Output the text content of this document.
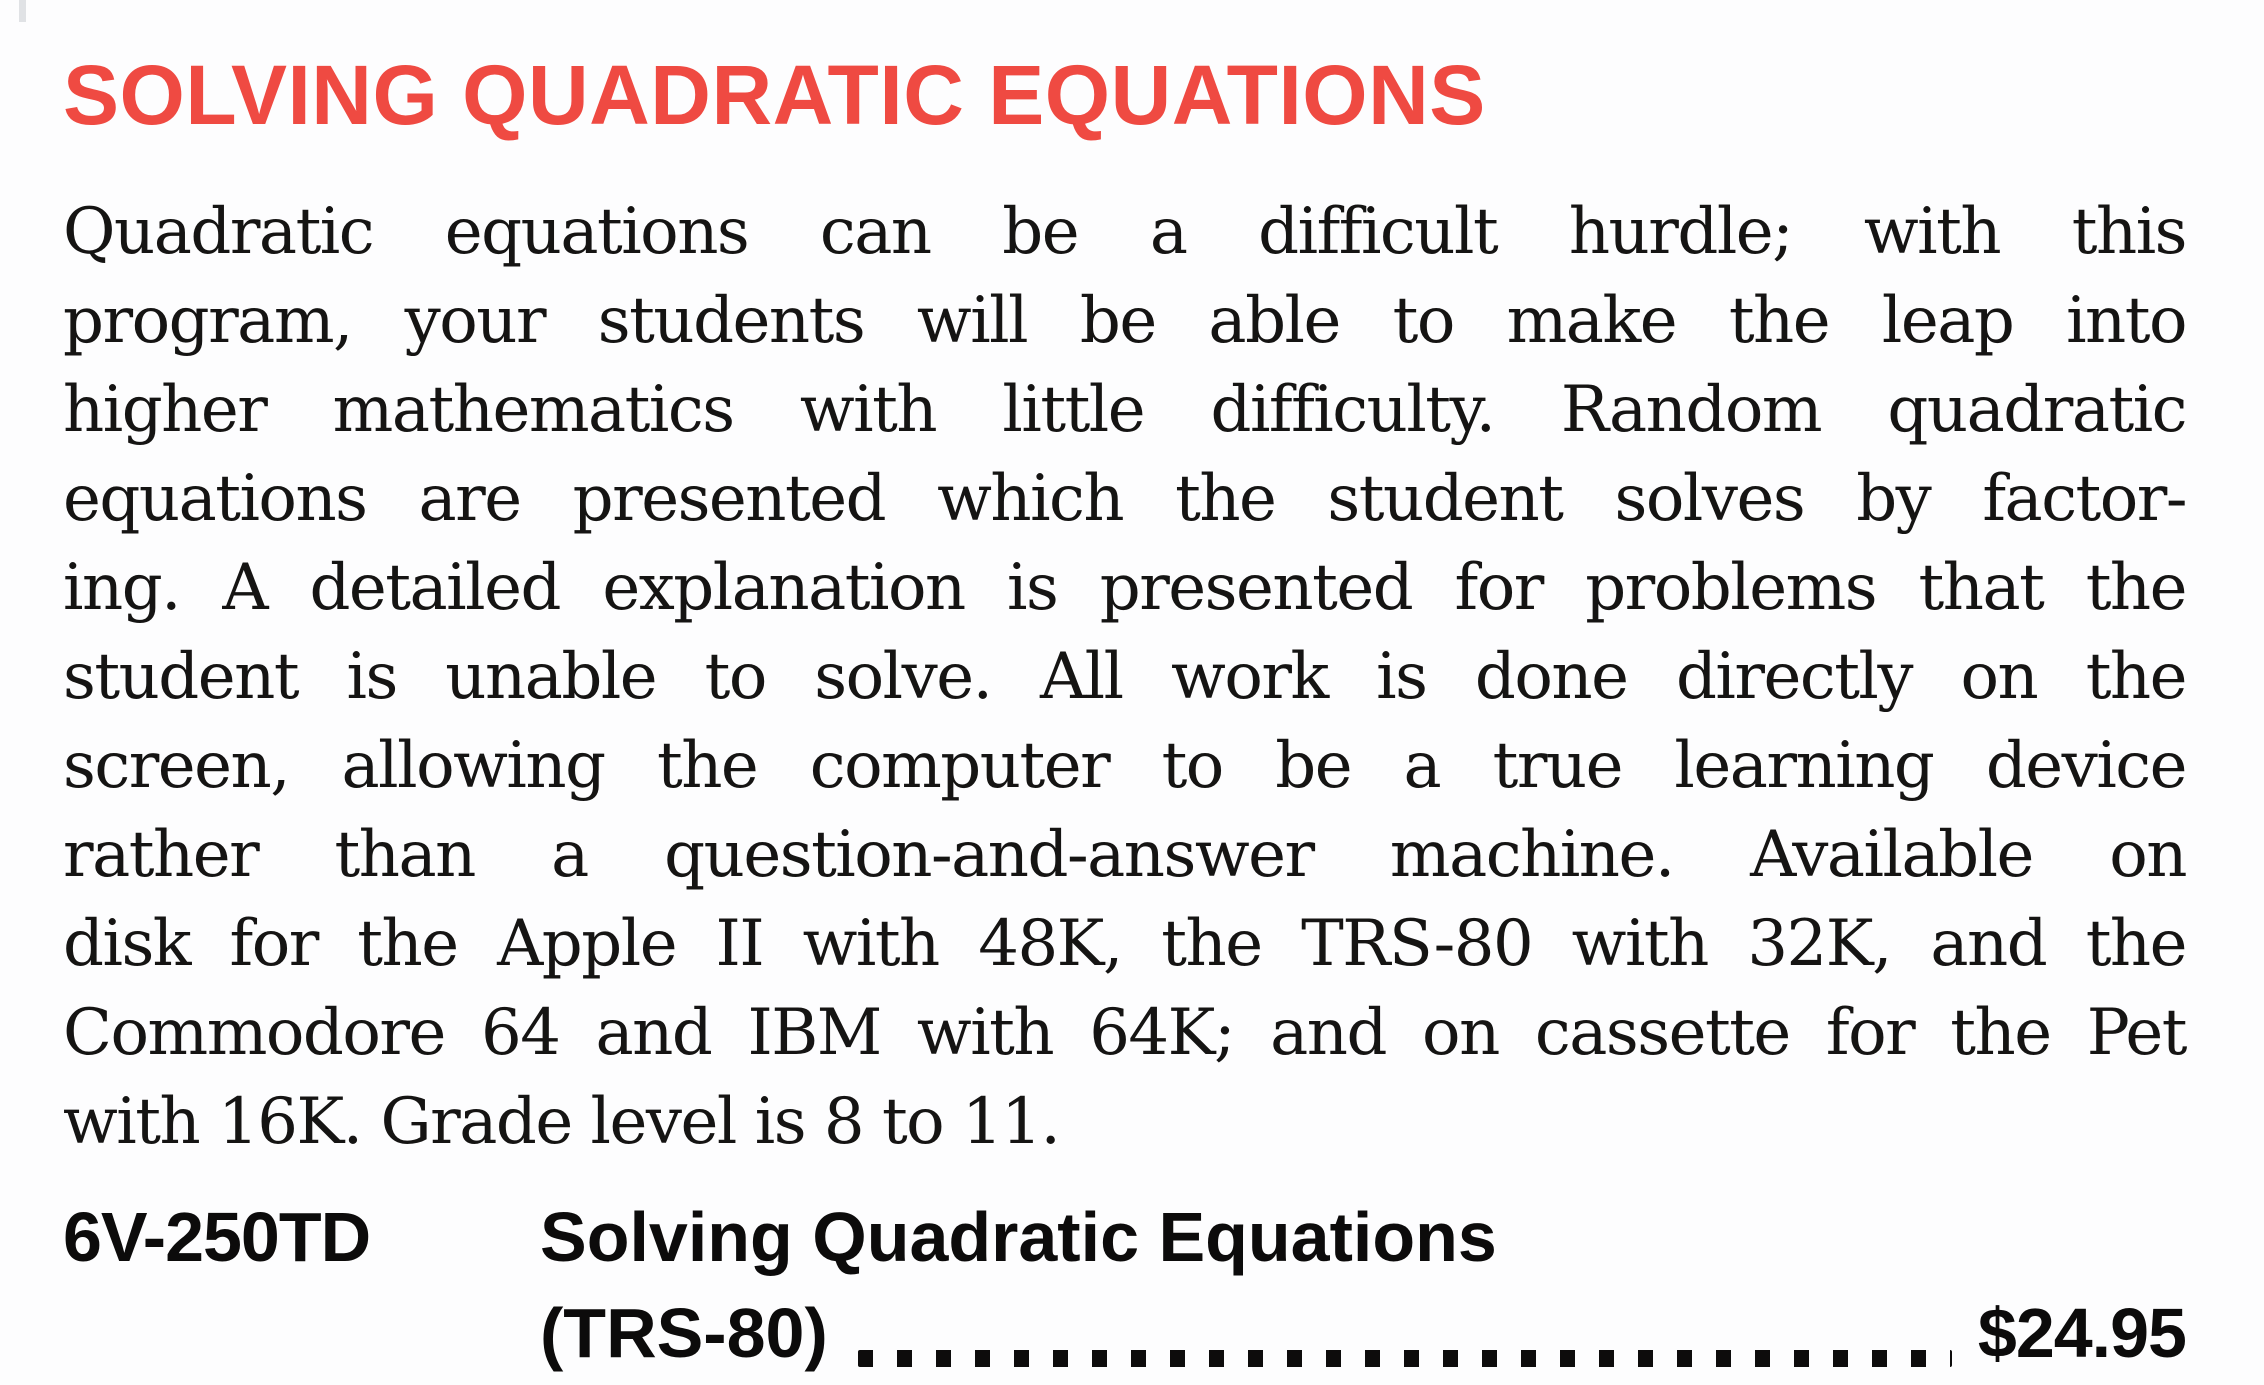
SOLVING QUADRATIC EQUATIONS
Quadratic equations can be a difficult hurdle; with this
program, your students will be able to make the leap into
higher mathematics with little difficulty. Random quadratic
equations are presented which the student solves by factor-
ing. A detailed explanation is presented for problems that the
student is unable to solve. All work is done directly on the
screen, allowing the computer to be a true learning device
rather than a question-and-answer machine. Available on
disk for the Apple II with 48K, the TRS-80 with 32K, and the
Commodore 64 and IBM with 64K; and on cassette for the Pet
with 16K. Grade level is 8 to 11.
6V-250TD	Solving Quadratic Equations
(TRS-80)	$24.95
